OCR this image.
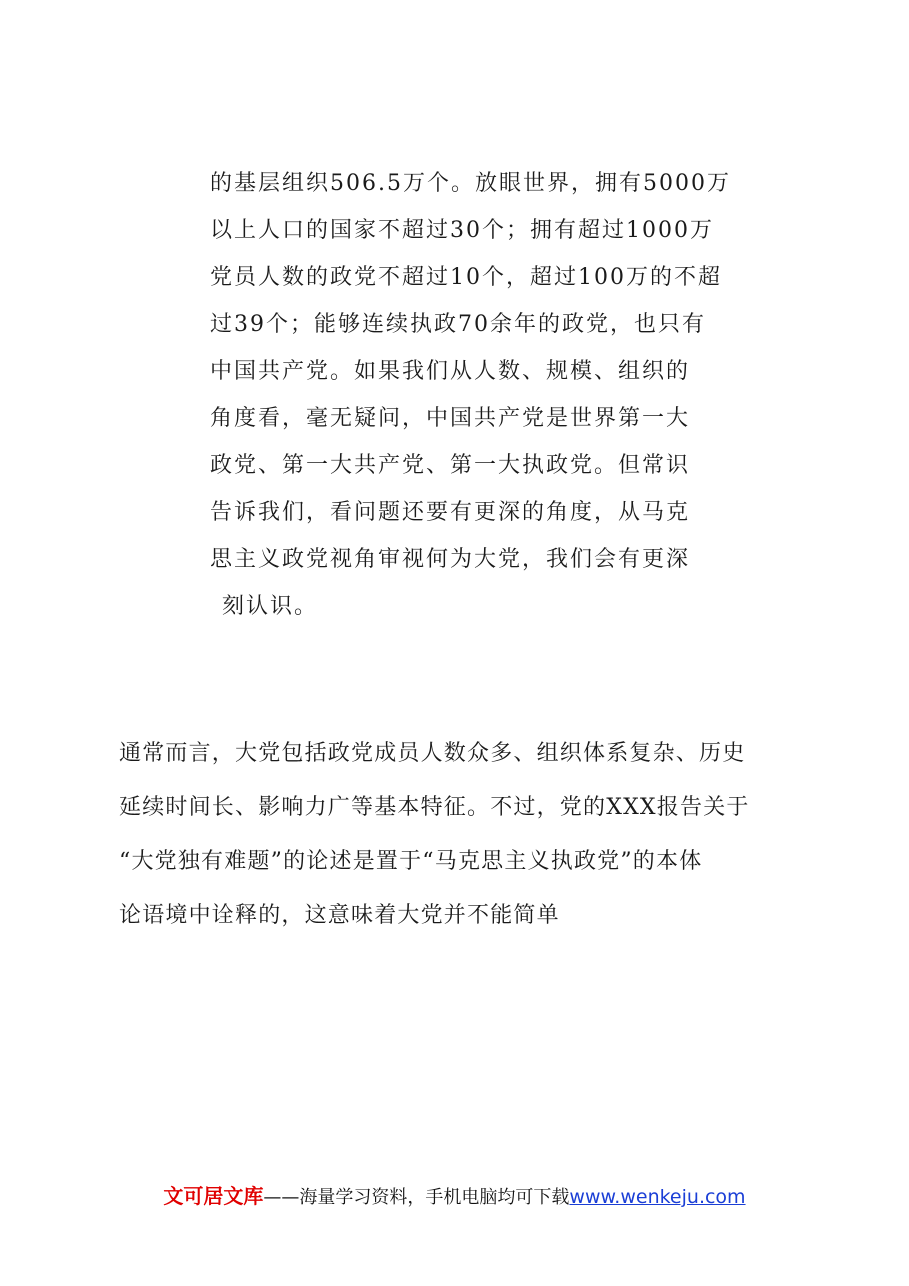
的基层组织506.5万个。放眼世界，拥有5000万
以上人口的国家不超过30个；拥有超过1000万
党员人数的政党不超过10个，超过100万的不超
过39个；能够连续执政70余年的政党，也只有
中国共产党。如果我们从人数、规模、组织的
角度看，毫无疑问，中国共产党是世界第一大
政党、第一大共产党、第一大执政党。但常识
告诉我们，看问题还要有更深的角度，从马克
思主义政党视角审视何为大党，我们会有更深
刻认识。
通常而言，大党包括政党成员人数众多、组织体系复杂、历史
延续时间长、影响力广等基本特征。不过，党的XXX报告关于
“大党独有难题”的论述是置于“马克思主义执政党”的本体
论语境中诠释的，这意味着大党并不能简单
文可居文库——海量学习资料，手机电脑均可下载www.wenkeju.com
